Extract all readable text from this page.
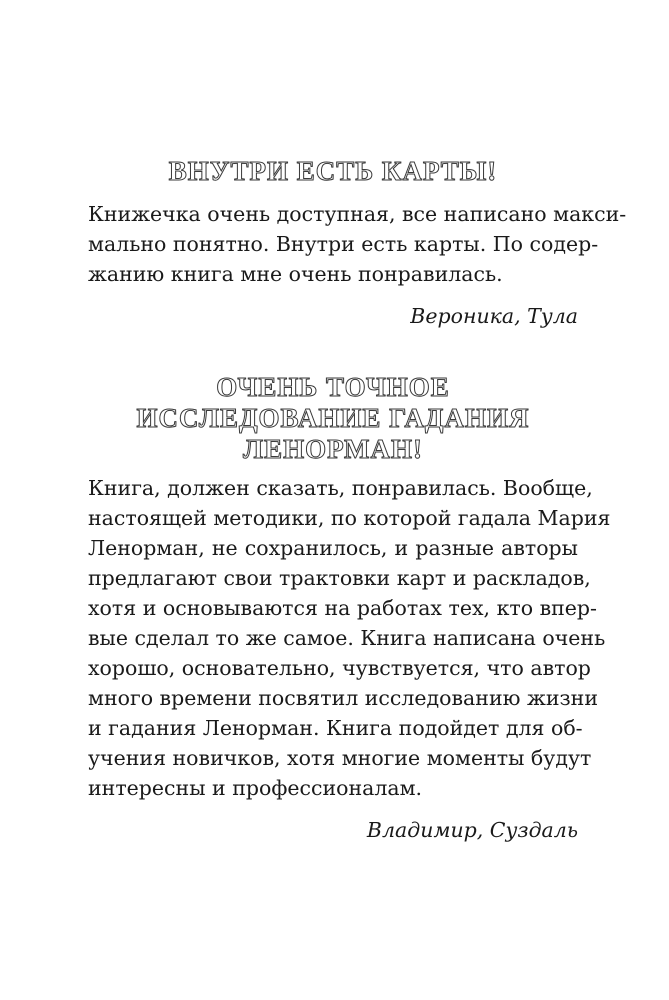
ВНУТРИ ЕСТЬ КАРТЫ!
Книжечка очень доступная, все написано макси-
мально понятно. Внутри есть карты. По содер-
жанию книга мне очень понравилась.
Вероника, Тула
ОЧЕНЬ ТОЧНОЕ
ИССЛЕДОВАНИЕ ГАДАНИЯ
ЛЕНОРМАН!
Книга, должен сказать, понравилась. Вообще,
настоящей методики, по которой гадала Мария
Ленорман, не сохранилось, и разные авторы
предлагают свои трактовки карт и раскладов,
хотя и основываются на работах тех, кто впер-
вые сделал то же самое. Книга написана очень
хорошо, основательно, чувствуется, что автор
много времени посвятил исследованию жизни
и гадания Ленорман. Книга подойдет для об-
учения новичков, хотя многие моменты будут
интересны и профессионалам.
Владимир, Суздаль
